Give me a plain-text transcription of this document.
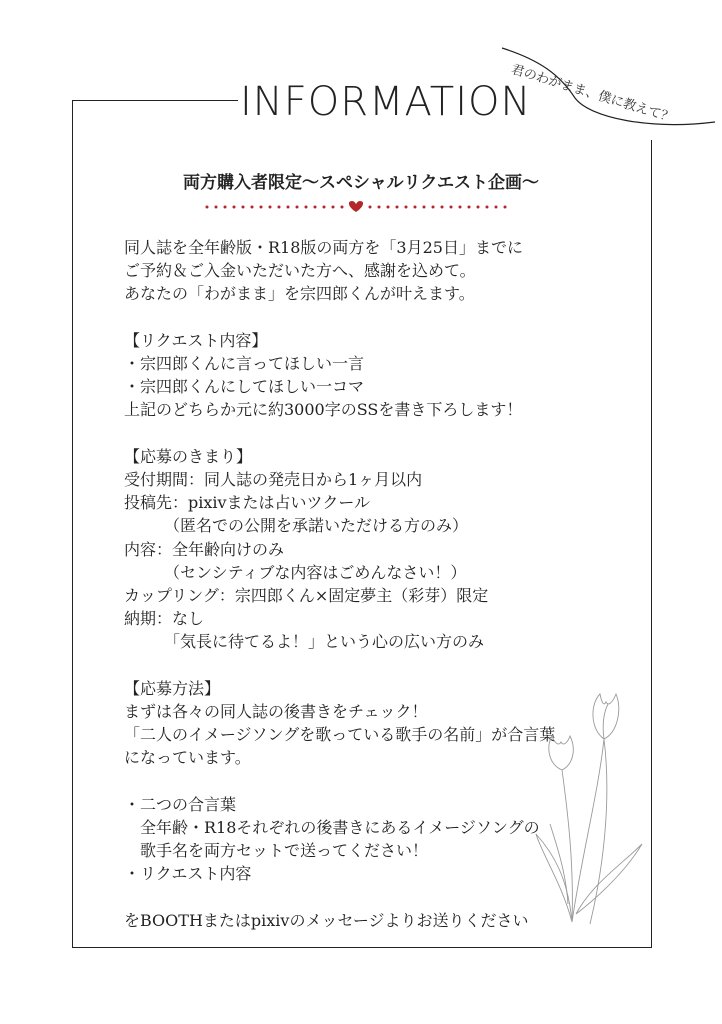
INFORMATION
君のわがまま、僕に教えて？
両方購入者限定〜スペシャルリクエスト企画〜
同人誌を全年齢版・R18版の両方を「3月25日」までに
ご予約＆ご入金いただいた方へ、感謝を込めて。
あなたの「わがまま」を宗四郎くんが叶えます。
【リクエスト内容】
・宗四郎くんに言ってほしい一言
・宗四郎くんにしてほしい一コマ
上記のどちらか元に約3000字のSSを書き下ろします！
【応募のきまり】
受付期間：同人誌の発売日から1ヶ月以内
投稿先：pixivまたは占いツクール
　　　（匿名での公開を承諾いただける方のみ）
内容：全年齢向けのみ
　　　（センシティブな内容はごめんなさい！）
カップリング：宗四郎くん×固定夢主（彩芽）限定
納期：なし
　　　「気長に待てるよ！」という心の広い方のみ
【応募方法】
まずは各々の同人誌の後書きをチェック！
「二人のイメージソングを歌っている歌手の名前」が合言葉
になっています。
・二つの合言葉
　全年齢・R18それぞれの後書きにあるイメージソングの
　歌手名を両方セットで送ってください！
・リクエスト内容
をBOOTHまたはpixivのメッセージよりお送りください
